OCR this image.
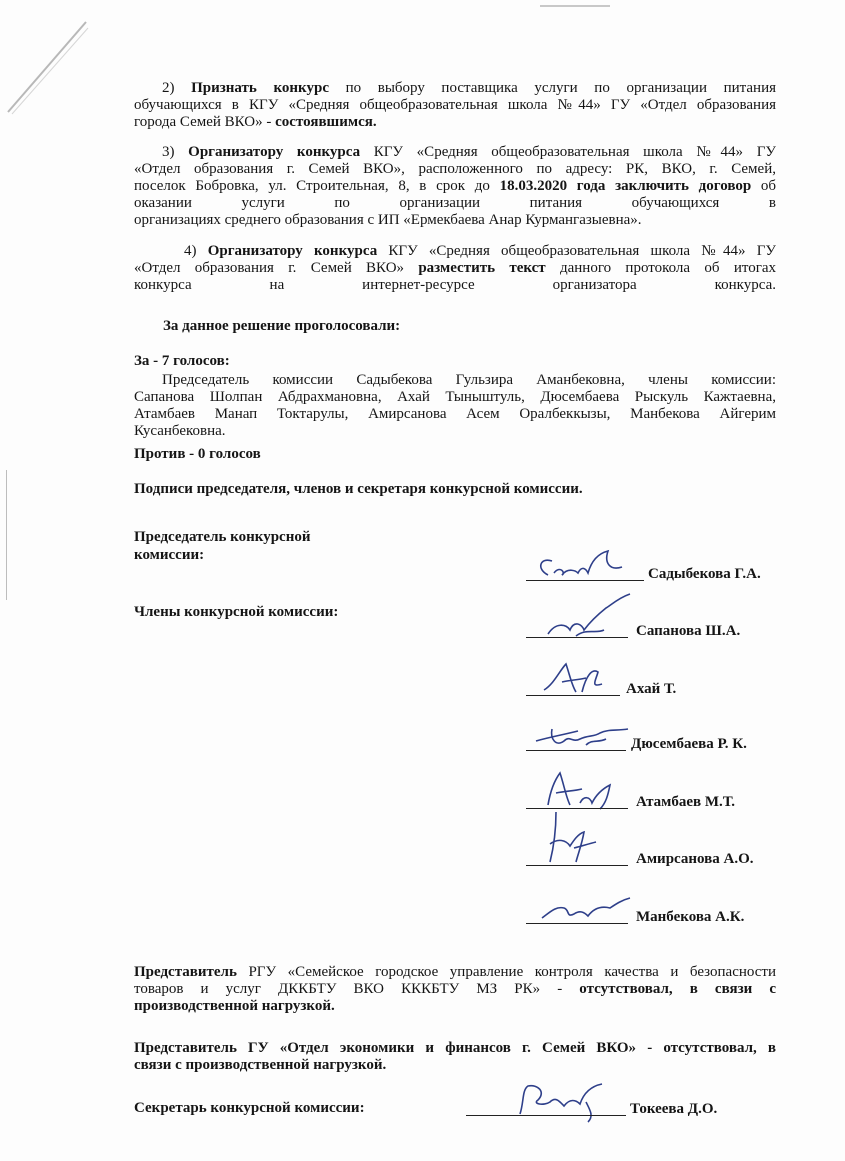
2) Признать конкурс по выбору поставщика услуги по организации питания

обучающихся в КГУ «Средняя общеобразовательная школа №44» ГУ «Отдел образования

города Семей ВКО» - состоявшимся.

3) Организатору конкурса КГУ «Средняя общеобразовательная школа №44» ГУ

«Отдел образования г. Семей ВКО», расположенного по адресу: РК, ВКО, г. Семей,

поселок Бобровка, ул. Строительная, 8, в срок до 18.03.2020 года заключить договор об

оказании услуги по организации питания обучающихся в

организациях среднего образования с ИП «Ермекбаева Анар Курмангазыевна».

4) Организатору конкурса КГУ «Средняя общеобразовательная школа №44» ГУ

«Отдел образования г. Семей ВКО» разместить текст данного протокола об итогах

конкурса на интернет-ресурсе организатора конкурса.

За данное решение проголосовали:

За - 7 голосов:

Председатель комиссии Садыбекова Гульзира Аманбековна, члены комиссии:

Сапанова Шолпан Абдрахмановна, Ахай Тыныштуль, Дюсембаева Рыскуль Кажтаевна,

Атамбаев Манап Токтарулы, Амирсанова Асем Оралбеккызы, Манбекова Айгерим

Кусанбековна.

Против - 0 голосов

Подписи председателя, членов и секретаря конкурсной комиссии.

Председатель конкурсной

комиссии:

Члены конкурсной комиссии:

Садыбекова Г.А.
Сапанова Ш.А.
Ахай Т.
Дюсембаева Р. К.
Атамбаев М.Т.
Амирсанова А.О.
Манбекова А.К.

Представитель РГУ «Семейское городское управление контроля качества и безопасности

товаров и услуг ДККБТУ ВКО КККБТУ МЗ РК» - отсутствовал, в связи с

производственной нагрузкой.

Представитель ГУ «Отдел экономики и финансов г. Семей ВКО» - отсутствовал, в

связи с производственной нагрузкой.

Секретарь конкурсной комиссии:	Токеева Д.О.
